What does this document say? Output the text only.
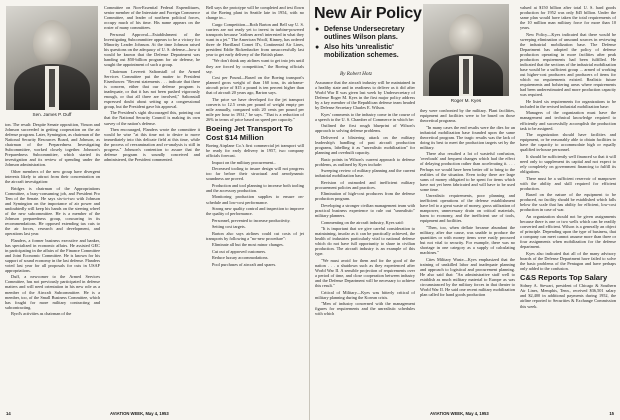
Sen. James P. Duff

Committee on Non-Essential Federal Expenditures, senior member of the Interstate and Foreign Commerce Committee, and leader of northern political forces, occupy much of his time. His name appears on the roster of many committees.

Personal Approval—Establishment of the Investigating Subcommittee appears to be a victory for Minority Leader Johnson. At the time Johnson raised his questions on the adequacy of U. S. defense—how it would be known that the Defense Department was handing out $50-billion program for air defense, he sought the appointment of such a group.

Chairman Leverett Saltonstall of the Armed Services Committee put the matter to President Eisenhower. "Recent statements . . . indicate that there is concern, either that our defense program is inadequate, or that it has not been pushed vigorously enough, or that all three are involved," Saltonstall expressed doubt about setting up a congressional group, but the President gave his approval.

The President's sight discouraged this, pointing out that the National Security Council is making its own survey of the nation's defense.

Then encouraged, Flanders wrote the committee it would be wise "at this time not to desire to move immediately into this delicate field at this time, while the process of reexamination and re-analysis is still in progress." Johnson's contention to assure that the defense program is soundly conceived and administered, the President commented.

ton. The result: Despite Senate opposition, Vinson and Johnson succeeded in getting cooperation on the air defense program. Later, Symington, as chairman of the National Security Resources Board, and Johnson, as chairman of the Preparedness Investigating Subcommittee, worked closely together. Johnson's Preparedness Subcommittee, which started its investigation and its review of spending under the Johnson administration.

Other members of the new group have divergent interests likely to attract from their concentration on the aircraft investigation:

Bridges is chairman of the Appropriations Committee, a busy-consuming job, and President Pro Tem of the Senate. He says six-to-two with Johnson and Symington on the importance of air power and undoubtedly will keep his hands on the steering wheel of the new subcommittee. He is a member of the Johnson preparedness group, concurring in its recommendations. He opposed extending tax cuts to the air forces, research and development, and operations last year.

Flanders, a former business executive and banker, has specialized in economic affairs. He assisted GEC in participating in the affairs of the Finance Committee and Joint Economic Committee. He is known for his support of sound economy in the last defense. Flanders voted last year for all proposals for cuts in USAF appropriations.

Duff, a newcomer to the Armed Services Committee, has not previously participated in defense matters and will need orientation in his new role as a member of the Aircraft Subcommittee. He is a member, too, of the Small Business Committee, which has fought for more military contracting and subcontracting.

Byrd's activities as chairman of the

Bell says the prototype will be completed and test flown at the Boeing plant in Seattle late in 1954, with no change in...

Cargo Competition—Both Barton and Bell say U. S. carriers are not ready yet to invest in turbine-powered transports because "airlines aren't interested in what they want in a jet." The American Woolf, Kinney, has ordered three de Havilland Comet II's, Continental Air Lines, president Eddie Rickenbacker from unsuccessfully last year to get early delivery of the British plane.

"We don't think any airlines want to get into jets until they are forced by competition," the Boeing officials say.

Cost per Pound—Based on the Boeing transport's planned gross weight of than 160 tons, its airframe-aircraft price of $15 a pound is ten percent higher than that of aircraft 20 years ago, Barton says.

The price we have developed for the jet transport converts to 12.5 cents per pound of weight empty per mile annually, compared with 20 cents per pound per mile per hour in 1931," he says. "That is a reduction of 26% in terms of price based on speed per capacity."

Boeing Jet Transport To Cost $14 Million

Boeing Airplane Co.'s first commercial jet transport will be ready for early delivery in 1957, two company officials forecast.

Impact on the military procurement...

Decreased tooling to insure design will not progress too far before their structural and aerodynamic soundness are proved.

Production and tool planning to increase both tooling and the accessory production.

Monitoring production supplies to ensure on-schedule and low-cost performance.

Strong new quality control and inspection to improve the quality of performance.

Personnel, prevented to increase productivity.

Setting cost targets.

Barton also says airlines could cut costs of jet transports by following a "no-new procedure":

Eliminate all but the most minor changes.

Cut out of approved customers.

Reduce luxury accommodations.

Pool purchases of aircraft and spares.

14	AVIATION WEEK, May 4, 1953
New Air Policy
● Defense Undersecretary outlines Wilson plans.
● Also hits 'unrealistic' mobilization schemes.
By Robert Hotz
Roger M. Kyes

Assurance that the aircraft industry will be maintained in a healthy state and in readiness to deliver as it did after World War II was given last week by Undersecretary of Defense Roger M. Kyes in the first major policy address by a key member of the Republican defense team headed by Defense Secretary Charles E. Wilson.

Kyes' comments to the industry come in the course of a speech to the U. S. Chamber of Commerce in which he:

Outlined the first rough blueprint of Wilson's approach to solving defense problems.

Delivered a blistering attack on the military leadership's handling of past aircraft production programs, labelling it as "unrealistic mobilization" for planning and overbuilt capacity.

Basic points in Wilson's current approach to defense problems, as outlined by Kyes include:

Sweeping review of military planning and the current industrial mobilization base.

Revision of outmoded and inefficient military procurement policies and practices.

Elimination of high-cost producers from the defense production program.

Developing a stronger civilian management team with practical business experience to rule out "unrealistic" military planners.

Commenting on the aircraft industry, Kyes said:

"It is important that we give careful consideration to maintaining, insofar as it can be practically achieved, the health of industries particularly vital to national defense which do not have full opportunity to share in civilian production. The aircraft industry is an example of this type.

"We must avoid for them and for the good of the nation . . . a shutdown such as they experienced after World War II. A sensible projection of requirements over a period of time, and close cooperation between industry and the Defense Department will be necessary to achieve this result."

Critical of Military—Kyes was bitterly critical of military planning during the Korean crisis.

"Men of industry concerned with the management figures for requirements and the unrealistic schedules with which

they were confronted by the military. Plant facilities, equipment and facilities were to be based on those theoretical programs.

"In many cases the end results were the dies for an industrial mobilization base founded upon the same theoretical program. The tragic results was the lack of doing its best to meet the production targets set by the military.

There also resulted a lot of wasteful confusion, 'overloads' and frequent changes which had the effect of delaying production rather than accelerating it. . . . Perhaps we would have been better off to bring to the realities of the situation. Even today there are large sums of money obligated to be spent for items which have not yet been fabricated and will have to be used some time.

Unrealistic requirements, poor planning and inefficient operations of the defense establishment have led to a great waste of money, gross utilization of manpower, unnecessary drain on critical materials, harm to economy, and the inefficient use of tools, equipment and facilities.

"Then, too, when deflate became abundant the military, after due cause, was unable to produce the quantities or with money items were easily procured but not vital to security. For example, there was no shortage in one category as a supply of calculating machines."

Cites Military Waste—Kyes emphasized that the training of unskilled labor and inadequate planning and approach to logistical and procurement planning. He also said that: "An administrative staff well to establish as much military material to Europe as was circumstanced by the military forces in that theater to World War II. He said one recent military mobilization plan called for hand goods production

valued at $150 billion after total U. S. hard goods production for 1952 was only $45 billion. Under the same plan would have taken the total requirements of the 10 million man military force for more than 10 years.

New Policy—Kyes indicated that there would be sweeping elimination of unsound sources in reviewing the industrial mobilization base. The Defense Department has adopted the policy of defense production operating in more facilities after peak production requirements had been fulfilled. He indicated that the sections of the industrial mobilization base would be a sufficient group ... armed of working out higher-cost producers and producers of items for which no requirements existed. Realistic future requirements and bolstering areas where requirements had been underestimated and more production capacity was required.

He listed six requirements for organizations to be included in the revised industrial mobilization base:

Managers of the organization must have the management and technical knowledge required to efficiently and successfully accomplish the production task to be assigned.

The organization should have facilities and equipment, or be reasonably able to obtain facilities to have the capacity to accommodate high or equally qualified in-house personnel.

It should be sufficiently well financed so that it will need only to supplement its capital and not expect to rely completely on government financing to fulfill its obligations.

There must be a sufficient reservoir of manpower with the ability and skill required for efficient production.

Based on the nature of the equipment to be produced, no facility should be established which falls below the scale that has ability for efficient, low-cost production in case of war.

An organization should not be given assignments because there is one or two wells which can be readily converted and efficient. Wilson is a generally an object of principle. Depending upon the type of business, that a company can meet cannot assume more than three or four assignments when mobilization for the defense department.

Kyes also indicated that all of the many advisory boards of the Defense Department have failed to solve the basic problems of the Pentagon and have perhaps only added to the confusion.

C&S Reports Top Salary

Sidney A. Stewart, president of Chicago & Southern Air Lines, Memphis, Tenn., received $36,501 salary and $2,400 in additional payments during 1952, the airline reported to Securities & Exchange Commission this week.

AVIATION WEEK, May 4, 1953	15
